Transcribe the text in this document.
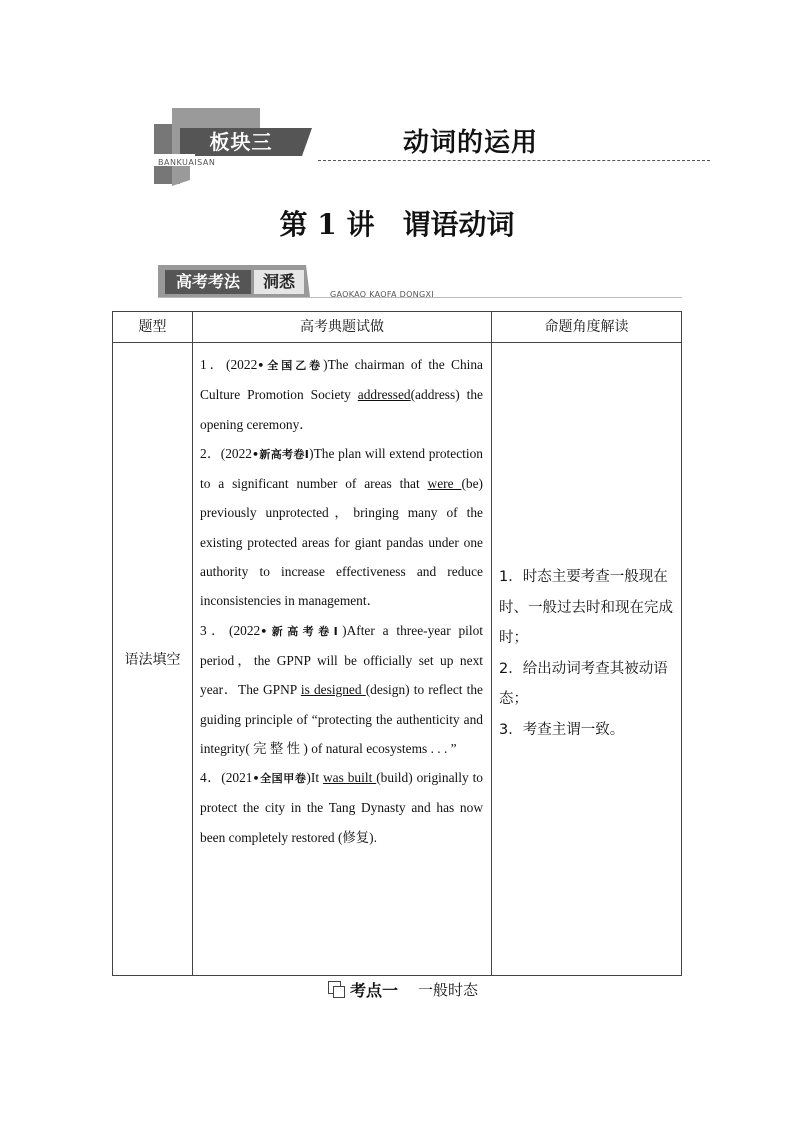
板块三
BANKUAISAN
动词的运用
第 1 讲　谓语动词
高考考法	洞悉
GAOKAO KAOFA DONGXI
题型
语法填空
高考典题试做

1．(2022•全国乙卷)The chairman of the China Culture Promotion Society addressed(address) the opening ceremony．

2．(2022•新高考卷Ⅰ)The plan will extend protection to a significant number of areas that were (be) previously unprotected，bringing many of the existing protected areas for giant pandas under one authority to increase effectiveness and reduce inconsistencies in management．

3．(2022•新高考卷Ⅰ)After a three-year pilot period，the GPNP will be officially set up next year．The GPNP is designed (design) to reflect the guiding principle of “protecting the authenticity and integrity( 完 整 性 ) of natural ecosystems . . . ”

4．(2021•全国甲卷)It was built (build) originally to protect the city in the Tang Dynasty and has now been completely restored (修复).

命题角度解读

1．时态主要考查一般现在时、一般过去时和现在完成时；

2．给出动词考查其被动语态；

3．考查主谓一致。

考点一 一般时态
